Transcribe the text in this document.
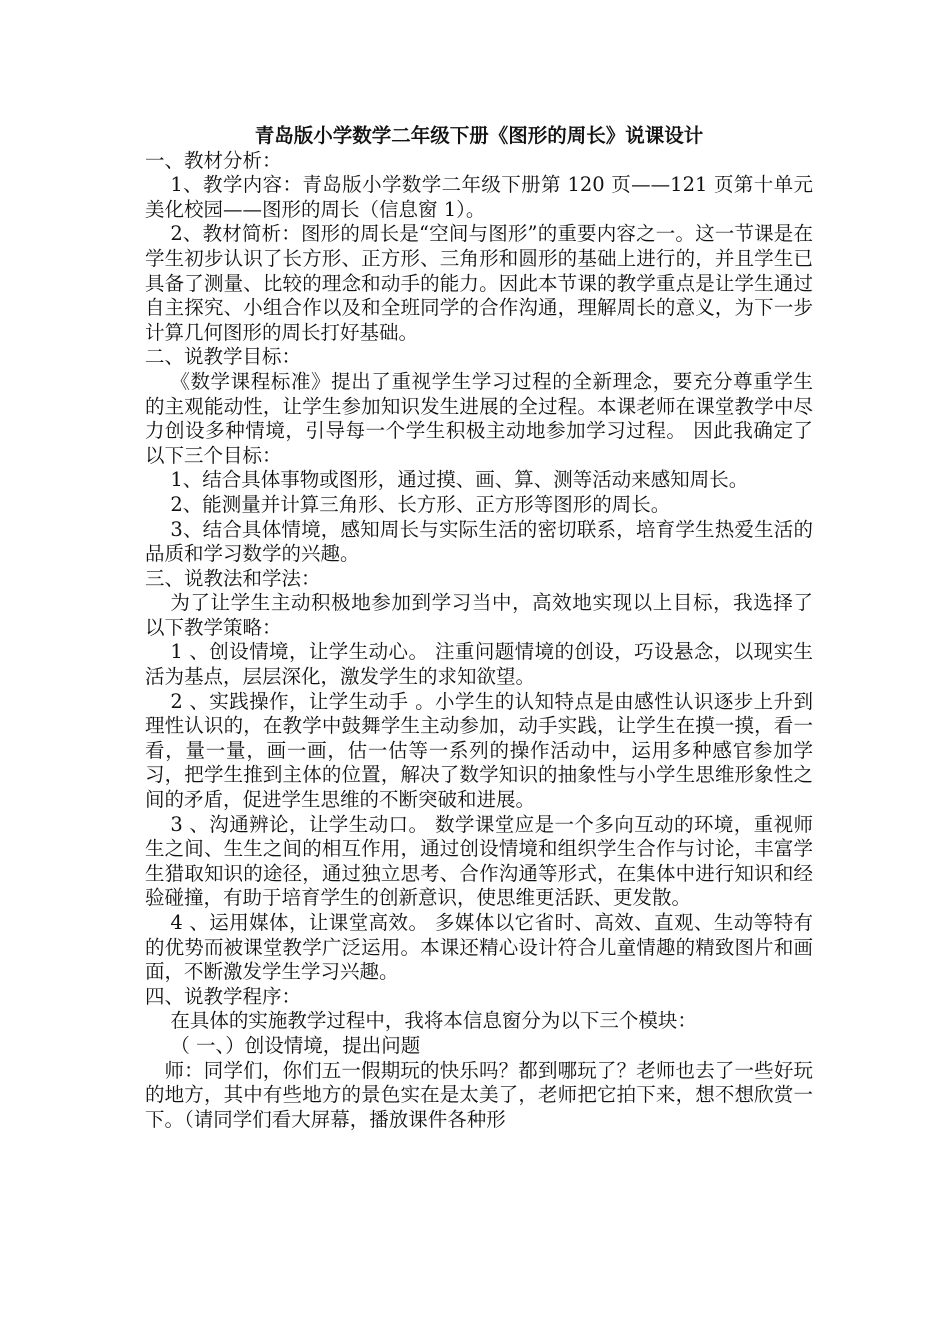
青岛版小学数学二年级下册《图形的周长》说课设计
一、教材分析：

1、教学内容：青岛版小学数学二年级下册第 120 页——121 页第十单元美化校园——图形的周长（信息窗 1）。

2、教材简析：图形的周长是“空间与图形”的重要内容之一。这一节课是在学生初步认识了长方形、正方形、三角形和圆形的基础上进行的，并且学生已具备了测量、比较的理念和动手的能力。因此本节课的教学重点是让学生通过自主探究、小组合作以及和全班同学的合作沟通，理解周长的意义，为下一步计算几何图形的周长打好基础。

二、说教学目标：

《数学课程标准》提出了重视学生学习过程的全新理念，要充分尊重学生的主观能动性，让学生参加知识发生进展的全过程。本课老师在课堂教学中尽力创设多种情境，引导每一个学生积极主动地参加学习过程。 因此我确定了以下三个目标：

1、结合具体事物或图形，通过摸、画、算、测等活动来感知周长。

2、能测量并计算三角形、长方形、正方形等图形的周长。

3、结合具体情境，感知周长与实际生活的密切联系，培育学生热爱生活的品质和学习数学的兴趣。

三、说教法和学法：

为了让学生主动积极地参加到学习当中，高效地实现以上目标，我选择了以下教学策略：

1 、创设情境，让学生动心。 注重问题情境的创设，巧设悬念，以现实生活为基点，层层深化，激发学生的求知欲望。

2 、实践操作，让学生动手 。小学生的认知特点是由感性认识逐步上升到理性认识的，在教学中鼓舞学生主动参加，动手实践，让学生在摸一摸，看一看，量一量，画一画，估一估等一系列的操作活动中，运用多种感官参加学习，把学生推到主体的位置，解决了数学知识的抽象性与小学生思维形象性之间的矛盾，促进学生思维的不断突破和进展。

3 、沟通辨论，让学生动口。 数学课堂应是一个多向互动的环境，重视师生之间、生生之间的相互作用，通过创设情境和组织学生合作与讨论，丰富学生猎取知识的途径，通过独立思考、合作沟通等形式，在集体中进行知识和经验碰撞，有助于培育学生的创新意识，使思维更活跃、更发散。

4 、运用媒体，让课堂高效。 多媒体以它省时、高效、直观、生动等特有的优势而被课堂教学广泛运用。本课还精心设计符合儿童情趣的精致图片和画面，不断激发学生学习兴趣。

四、说教学程序：

在具体的实施教学过程中，我将本信息窗分为以下三个模块：

（ 一、）创设情境，提出问题

师：同学们，你们五一假期玩的快乐吗？都到哪玩了？老师也去了一些好玩的地方，其中有些地方的景色实在是太美了，老师把它拍下来，想不想欣赏一下。（请同学们看大屏幕，播放课件各种形
